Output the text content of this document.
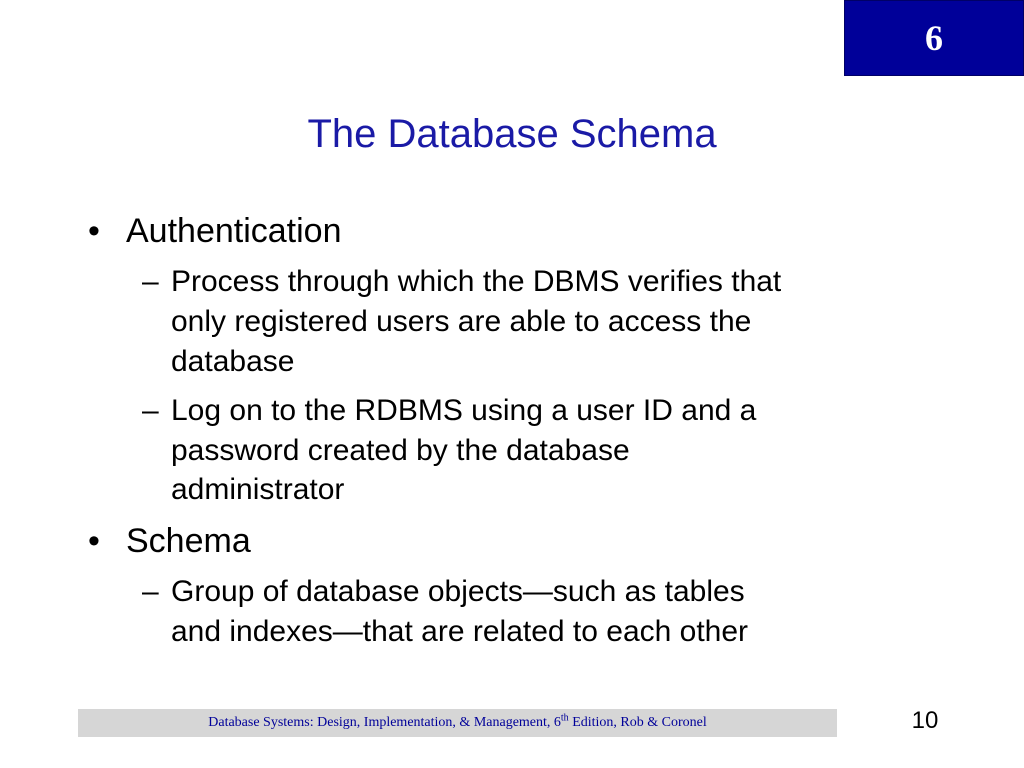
6
The Database Schema
• Authentication
– Process through which the DBMS verifies that
only registered users are able to access the
database
– Log on to the RDBMS using a user ID and a
password created by the database
administrator
• Schema
– Group of database objects—such as tables
and indexes—that are related to each other
Database Systems: Design, Implementation, & Management, 6th Edition, Rob & Coronel	10
